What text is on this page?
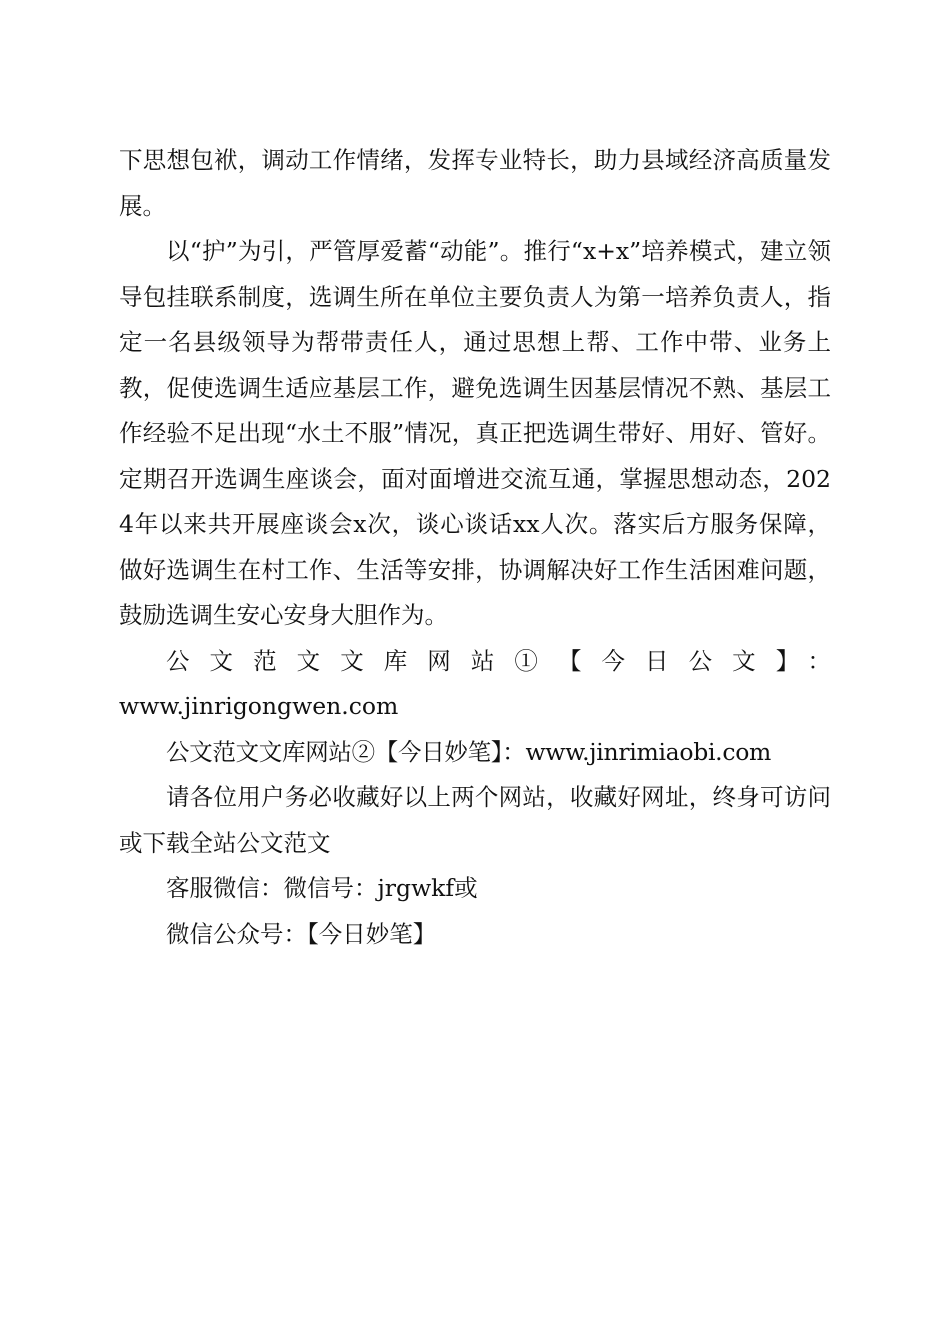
下思想包袱，调动工作情绪，发挥专业特长，助力县域经济高质量发展。

以“护”为引，严管厚爱蓄“动能”。推行“x+x”培养模式，建立领导包挂联系制度，选调生所在单位主要负责人为第一培养负责人，指定一名县级领导为帮带责任人，通过思想上帮、工作中带、业务上教，促使选调生适应基层工作，避免选调生因基层情况不熟、基层工作经验不足出现“水土不服”情况，真正把选调生带好、用好、管好。定期召开选调生座谈会，面对面增进交流互通，掌握思想动态，2024年以来共开展座谈会x次，谈心谈话xx人次。落实后方服务保障，做好选调生在村工作、生活等安排，协调解决好工作生活困难问题，鼓励选调生安心安身大胆作为。

公文范文文库网站①【今日公文】：
www.jinrigongwen.com

公文范文文库网站②【今日妙笔】：www.jinrimiaobi.com

请各位用户务必收藏好以上两个网站，收藏好网址，终身可访问或下载全站公文范文

客服微信：微信号：jrgwkf或

微信公众号：【今日妙笔】
